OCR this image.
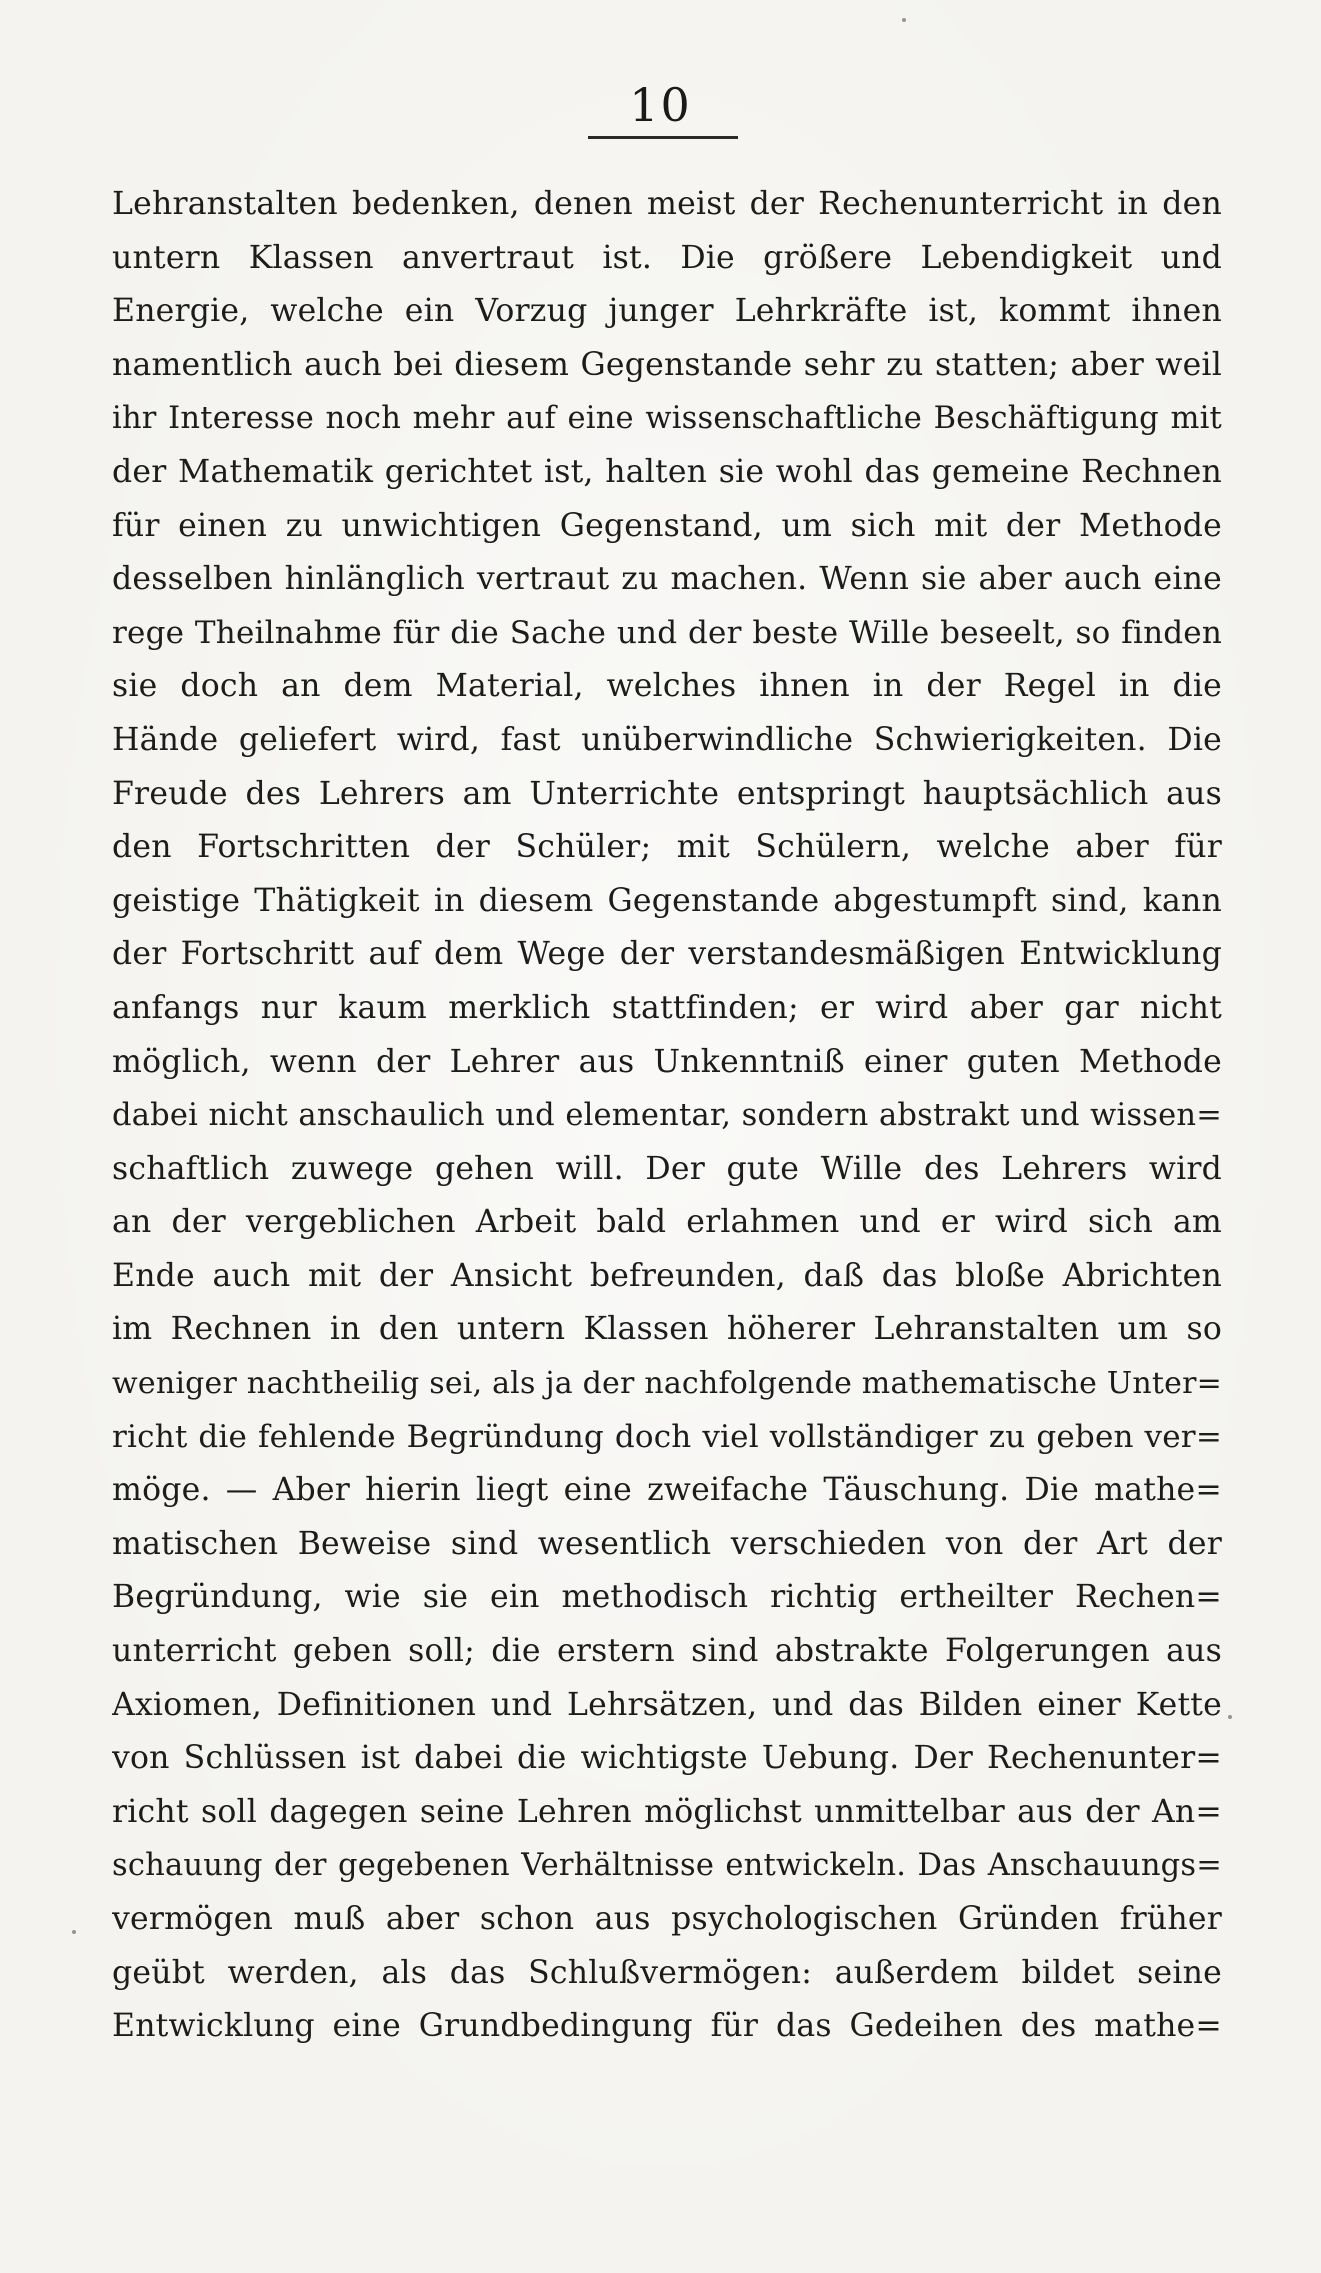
10
Lehranstalten bedenken, denen meist der Rechenunterricht in den
untern Klassen anvertraut ist. Die größere Lebendigkeit und
Energie, welche ein Vorzug junger Lehrkräfte ist, kommt ihnen
namentlich auch bei diesem Gegenstande sehr zu statten; aber weil
ihr Interesse noch mehr auf eine wissenschaftliche Beschäftigung mit
der Mathematik gerichtet ist, halten sie wohl das gemeine Rechnen
für einen zu unwichtigen Gegenstand, um sich mit der Methode
desselben hinlänglich vertraut zu machen. Wenn sie aber auch eine
rege Theilnahme für die Sache und der beste Wille beseelt, so finden
sie doch an dem Material, welches ihnen in der Regel in die
Hände geliefert wird, fast unüberwindliche Schwierigkeiten. Die
Freude des Lehrers am Unterrichte entspringt hauptsächlich aus
den Fortschritten der Schüler; mit Schülern, welche aber für
geistige Thätigkeit in diesem Gegenstande abgestumpft sind, kann
der Fortschritt auf dem Wege der verstandesmäßigen Entwicklung
anfangs nur kaum merklich stattfinden; er wird aber gar nicht
möglich, wenn der Lehrer aus Unkenntniß einer guten Methode
dabei nicht anschaulich und elementar, sondern abstrakt und wissen=
schaftlich zuwege gehen will. Der gute Wille des Lehrers wird
an der vergeblichen Arbeit bald erlahmen und er wird sich am
Ende auch mit der Ansicht befreunden, daß das bloße Abrichten
im Rechnen in den untern Klassen höherer Lehranstalten um so
weniger nachtheilig sei, als ja der nachfolgende mathematische Unter=
richt die fehlende Begründung doch viel vollständiger zu geben ver=
möge. — Aber hierin liegt eine zweifache Täuschung. Die mathe=
matischen Beweise sind wesentlich verschieden von der Art der
Begründung, wie sie ein methodisch richtig ertheilter Rechen=
unterricht geben soll; die erstern sind abstrakte Folgerungen aus
Axiomen, Definitionen und Lehrsätzen, und das Bilden einer Kette
von Schlüssen ist dabei die wichtigste Uebung. Der Rechenunter=
richt soll dagegen seine Lehren möglichst unmittelbar aus der An=
schauung der gegebenen Verhältnisse entwickeln. Das Anschauungs=
vermögen muß aber schon aus psychologischen Gründen früher
geübt werden, als das Schlußvermögen: außerdem bildet seine
Entwicklung eine Grundbedingung für das Gedeihen des mathe=
